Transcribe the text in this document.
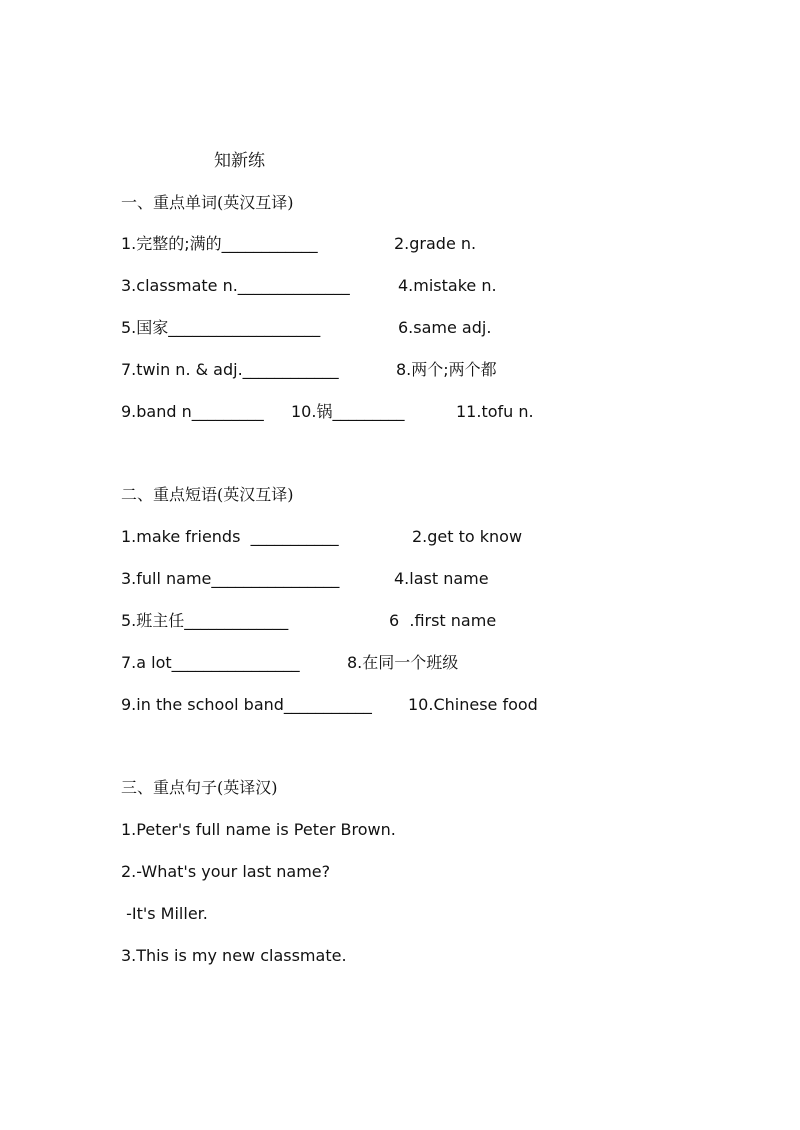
知新练
一、重点单词(英汉互译)
1.完整的;满的____________	2.grade n.
3.classmate n.______________	4.mistake n.
5.国家___________________	6.same adj.
7.twin n. & adj.____________	8.两个;两个都
9.band n_________ 10.锅_________	11.tofu n.
二、重点短语(英汉互译)
1.make friends  ___________	2.get to know
3.full name________________	4.last name
5.班主任_____________	6  .first name
7.a lot________________	8.在同一个班级
9.in the school band___________ 10.Chinese food
三、重点句子(英译汉)
1.Peter's full name is Peter Brown.
2.-What's your last name?
-It's Miller.
3.This is my new classmate.
